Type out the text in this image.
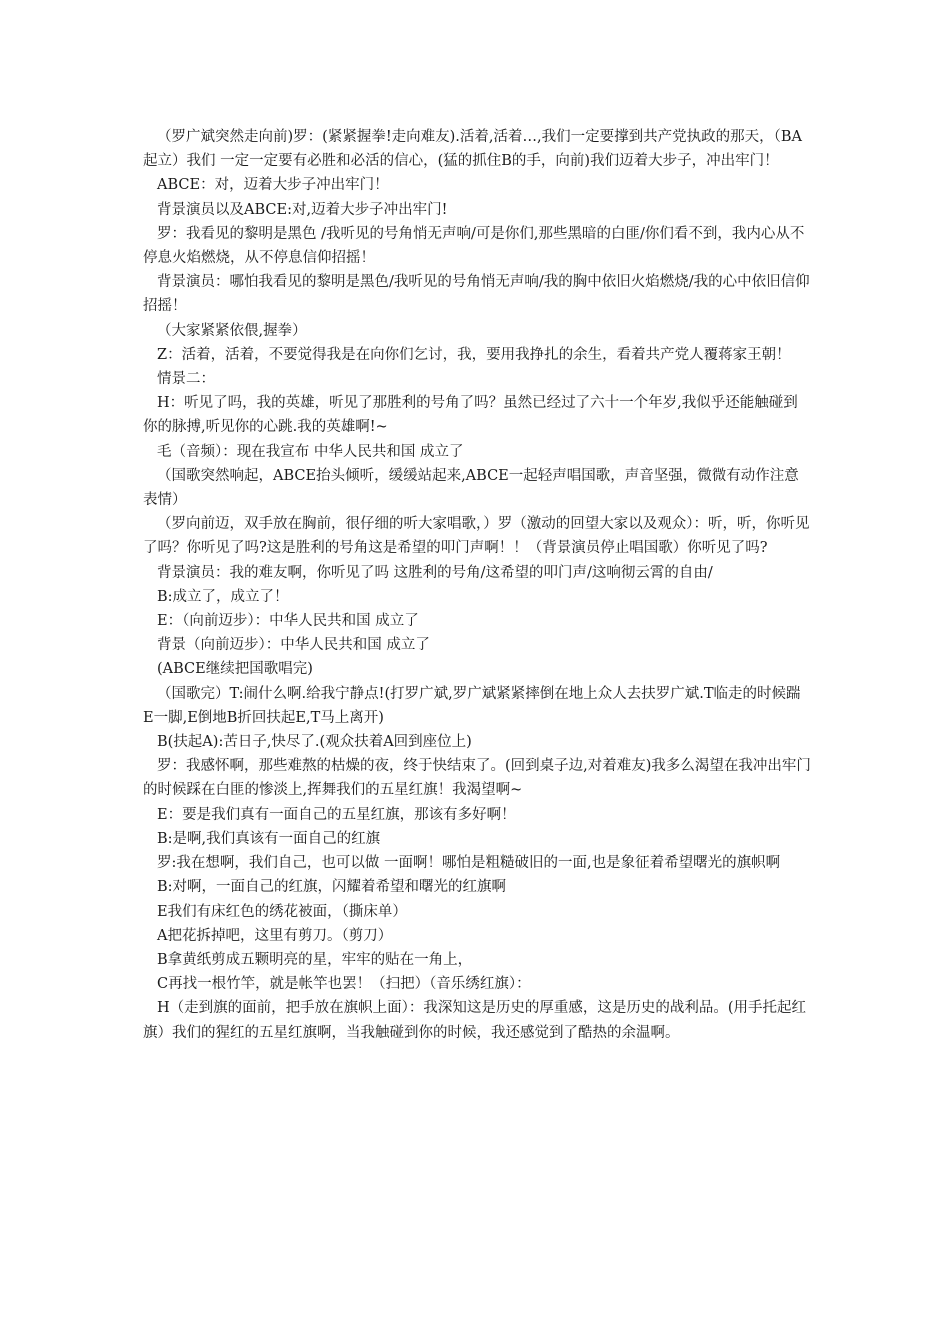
（罗广斌突然走向前)罗：(紧紧握拳!走向难友).活着,活着…,我们一定要撑到共产党执政的那天，（BA起立）我们 一定一定要有必胜和必活的信心，(猛的抓住B的手，向前)我们迈着大步子，冲出牢门！

ABCE：对，迈着大步子冲出牢门！

背景演员以及ABCE:对,迈着大步子冲出牢门!

罗：我看见的黎明是黑色 /我听见的号角悄无声响/可是你们,那些黑暗的白匪/你们看不到，我内心从不停息火焰燃烧，从不停息信仰招摇！

背景演员：哪怕我看见的黎明是黑色/我听见的号角悄无声响/我的胸中依旧火焰燃烧/我的心中依旧信仰招摇！

（大家紧紧依偎,握拳）

Z：活着，活着，不要觉得我是在向你们乞讨，我，要用我挣扎的余生，看着共产党人覆蒋家王朝！

情景二：

H：听见了吗，我的英雄，听见了那胜利的号角了吗？虽然已经过了六十一个年岁,我似乎还能触碰到你的脉搏,听见你的心跳.我的英雄啊!~

毛（音频）：现在我宣布 中华人民共和国 成立了

（国歌突然响起，ABCE抬头倾听，缓缓站起来,ABCE一起轻声唱国歌，声音坚强，微微有动作注意表情）

（罗向前迈，双手放在胸前，很仔细的听大家唱歌，）罗（激动的回望大家以及观众）：听，听，你听见了吗？你听见了吗?这是胜利的号角这是希望的叩门声啊！！（背景演员停止唱国歌）你听见了吗?

背景演员：我的难友啊，你听见了吗 这胜利的号角/这希望的叩门声/这响彻云霄的自由/

B:成立了，成立了！

E：（向前迈步）：中华人民共和国 成立了

背景（向前迈步）：中华人民共和国 成立了

(ABCE继续把国歌唱完)

（国歌完）T:闹什么啊.给我宁静点!(打罗广斌,罗广斌紧紧摔倒在地上众人去扶罗广斌.T临走的时候踹E一脚,E倒地B折回扶起E,T马上离开)

B(扶起A):苦日子,快尽了.(观众扶着A回到座位上)

罗：我感怀啊，那些难熬的枯燥的夜，终于快结束了。(回到桌子边,对着难友)我多么渴望在我冲出牢门的时候踩在白匪的惨淡上,挥舞我们的五星红旗！我渴望啊~

E：要是我们真有一面自己的五星红旗，那该有多好啊！

B:是啊,我们真该有一面自己的红旗

罗:我在想啊，我们自己，也可以做 一面啊！哪怕是粗糙破旧的一面,也是象征着希望曙光的旗帜啊

B:对啊，一面自己的红旗，闪耀着希望和曙光的红旗啊

E我们有床红色的绣花被面，（撕床单）

A把花拆掉吧，这里有剪刀。（剪刀）

B拿黄纸剪成五颗明亮的星，牢牢的贴在一角上，

C再找一根竹竿，就是帐竿也罢！（扫把）（音乐绣红旗）：

H（走到旗的面前，把手放在旗帜上面）：我深知这是历史的厚重感，这是历史的战利品。(用手托起红旗）我们的猩红的五星红旗啊，当我触碰到你的时候，我还感觉到了酷热的余温啊。
